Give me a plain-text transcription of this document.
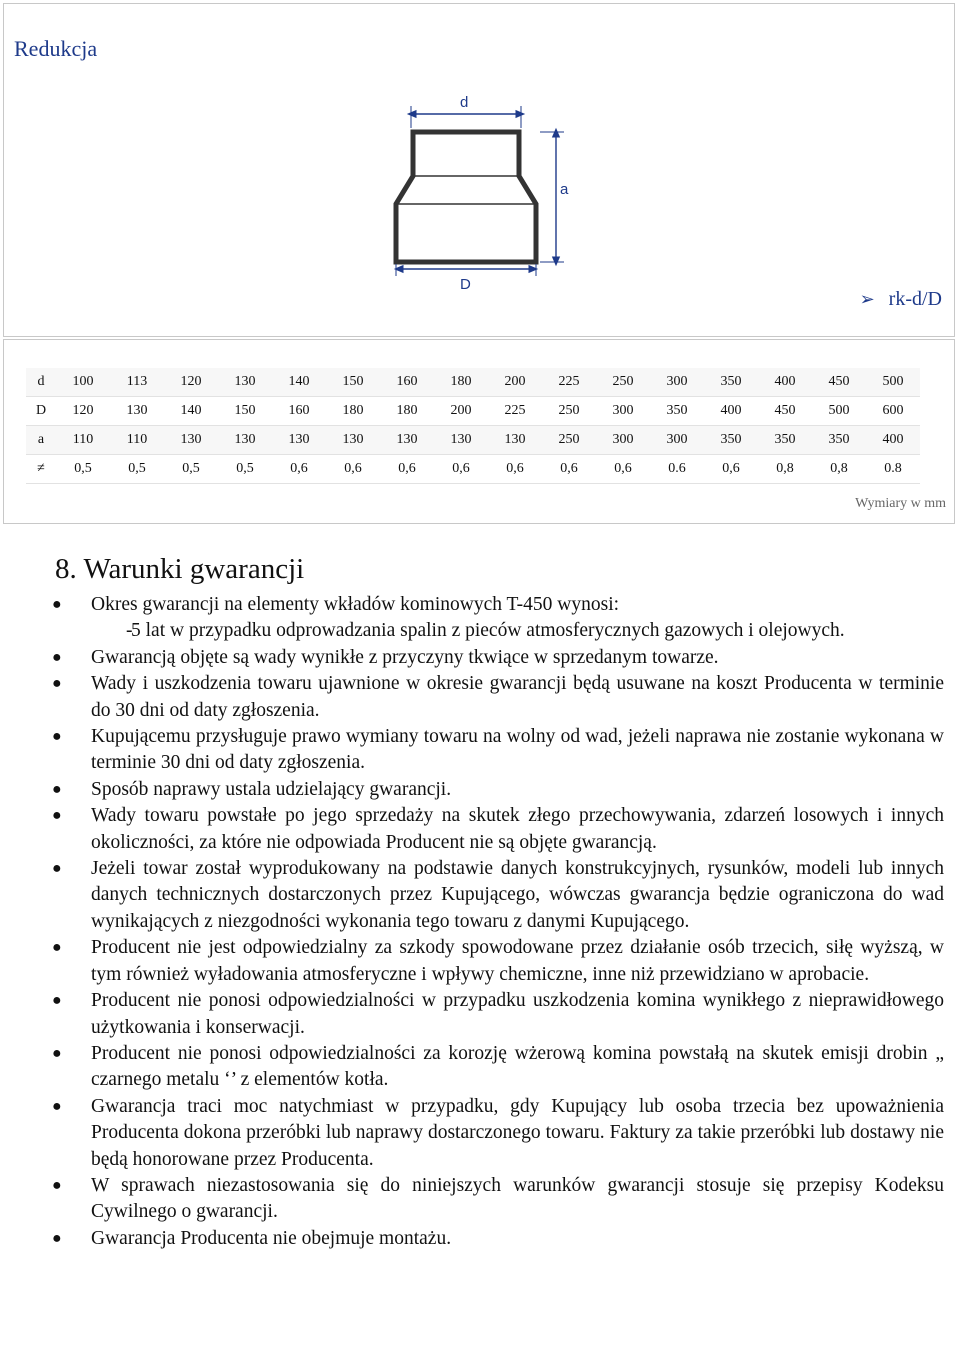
Redukcja
d
a
D
➢ rk-d/D
d	100	113	120	130	140	150	160	180	200	225	250	300	350	400	450	500
D	120	130	140	150	160	180	180	200	225	250	300	350	400	450	500	600
a	110	110	130	130	130	130	130	130	130	250	300	300	350	350	350	400
≠	0,5	0,5	0,5	0,5	0,6	0,6	0,6	0,6	0,6	0,6	0,6	0.6	0,6	0,8	0,8	0.8
Wymiary w mm
8. Warunki gwarancji
● Okres gwarancji na elementy wkładów kominowych T-450 wynosi:
-
5 lat w przypadku odprowadzania spalin z pieców atmosferycznych gazowych i olejowych.
● Gwarancją objęte są wady wynikłe z przyczyny tkwiące w sprzedanym towarze.
● Wady i uszkodzenia towaru ujawnione w okresie gwarancji będą usuwane na koszt Producenta w terminie do 30 dni od daty zgłoszenia.
● Kupującemu przysługuje prawo wymiany towaru na wolny od wad, jeżeli naprawa nie zostanie wykonana w terminie 30 dni od daty zgłoszenia.
● Sposób naprawy ustala udzielający gwarancji.
● Wady towaru powstałe po jego sprzedaży na skutek złego przechowywania, zdarzeń losowych i innych okoliczności, za które nie odpowiada Producent nie są objęte gwarancją.
● Jeżeli towar został wyprodukowany na podstawie danych konstrukcyjnych, rysunków, modeli lub innych danych technicznych dostarczonych przez Kupującego, wówczas gwarancja będzie ograniczona do wad wynikających z niezgodności wykonania tego towaru z danymi Kupującego.
● Producent nie jest odpowiedzialny za szkody spowodowane przez działanie osób trzecich, siłę wyższą, w tym również wyładowania atmosferyczne i wpływy chemiczne, inne niż przewidziano w aprobacie.
● Producent nie ponosi odpowiedzialności w przypadku uszkodzenia komina wynikłego z nieprawidłowego użytkowania i konserwacji.
● Producent nie ponosi odpowiedzialności za korozję wżerową komina powstałą na skutek emisji drobin „ czarnego metalu ‘’ z elementów kotła.
● Gwarancja traci moc natychmiast w przypadku, gdy Kupujący lub osoba trzecia bez upoważnienia Producenta dokona przeróbki lub naprawy dostarczonego towaru. Faktury za takie przeróbki lub dostawy nie będą honorowane przez Producenta.
● W sprawach niezastosowania się do niniejszych warunków gwarancji stosuje się przepisy Kodeksu Cywilnego o gwarancji.
● Gwarancja Producenta nie obejmuje montażu.
